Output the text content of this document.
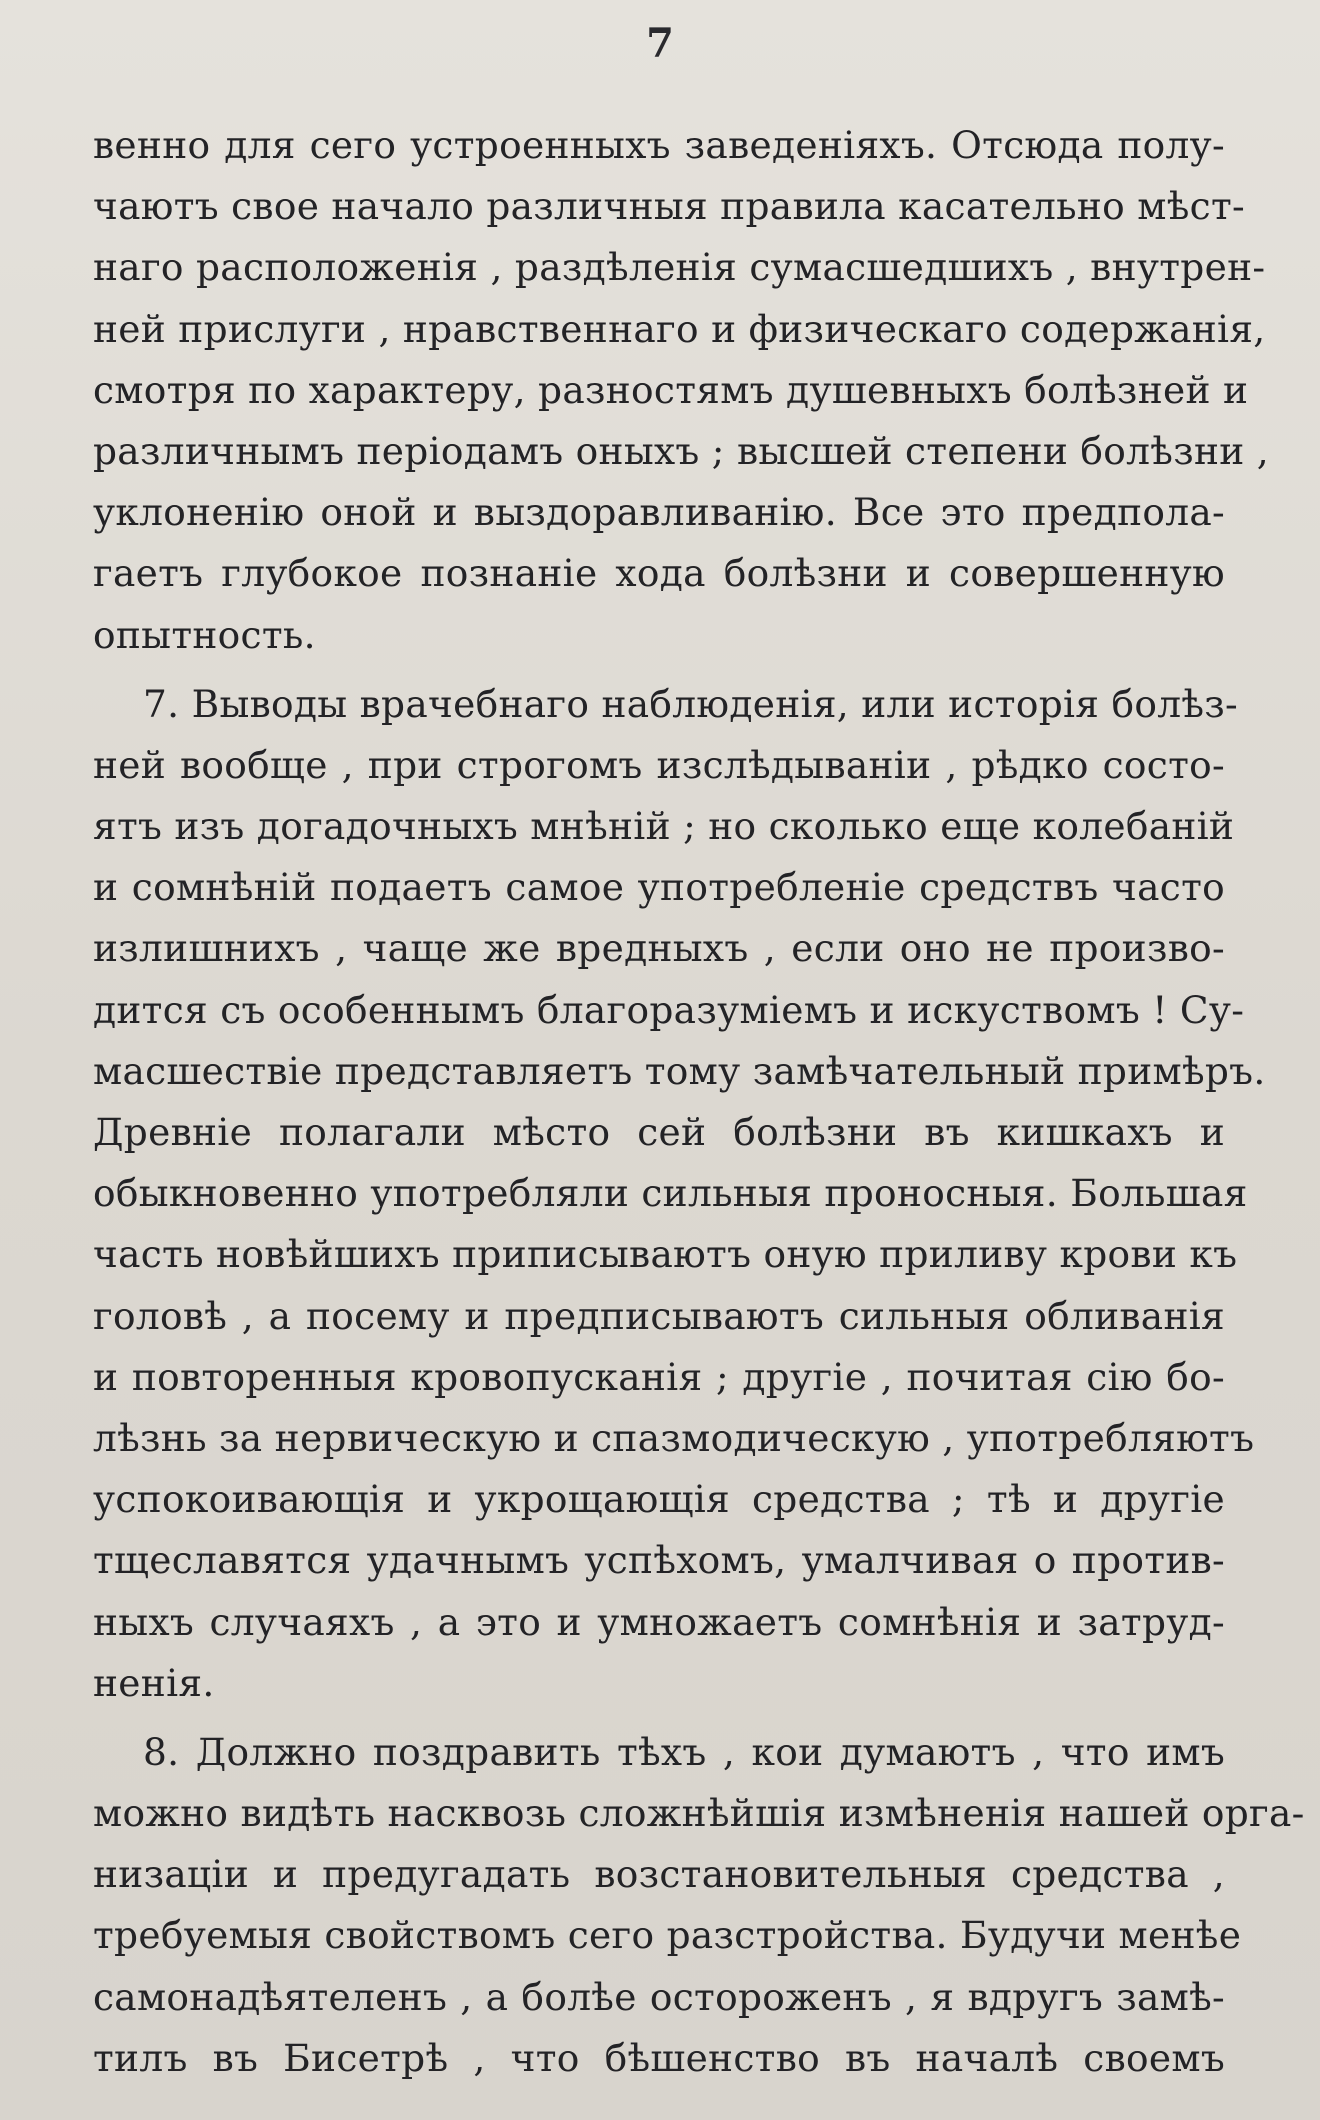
7
венно для сего устроенныхъ заведеніяхъ. Отсюда полу-
чаютъ свое начало различныя правила касательно мѣст-
наго расположенія , раздѣленія сумасшедшихъ , внутрен-
ней прислуги , нравственнаго и физическаго содержанія,
смотря по характеру, разностямъ душевныхъ болѣзней и
различнымъ періодамъ оныхъ ; высшей степени болѣзни ,
уклоненію оной и выздоравливанію. Все это предпола-
гаетъ глубокое познаніе хода болѣзни и совершенную
опытность.
7. Выводы врачебнаго наблюденія, или исторія болѣз-
ней вообще , при строгомъ изслѣдываніи , рѣдко состо-
ятъ изъ догадочныхъ мнѣній ; но сколько еще колебаній
и сомнѣній подаетъ самое употребленіе средствъ часто
излишнихъ , чаще же вредныхъ , если оно не произво-
дится съ особеннымъ благоразуміемъ и искуствомъ ! Су-
масшествіе представляетъ тому замѣчательный примѣръ.
Древніе полагали мѣсто сей болѣзни въ кишкахъ и
обыкновенно употребляли сильныя проносныя. Большая
часть новѣйшихъ приписываютъ оную приливу крови къ
головѣ , а посему и предписываютъ сильныя обливанія
и повторенныя кровопусканія ; другіе , почитая сію бо-
лѣзнь за нервическую и спазмодическую , употребляютъ
успокоивающія и укрощающія средства ; тѣ и другіе
тщеславятся удачнымъ успѣхомъ, умалчивая о против-
ныхъ случаяхъ , а это и умножаетъ сомнѣнія и затруд-
ненія.
8. Должно поздравить тѣхъ , кои думаютъ , что имъ
можно видѣть насквозь сложнѣйшія измѣненія нашей орга-
низаціи и предугадать возстановительныя средства ,
требуемыя свойствомъ сего разстройства. Будучи менѣе
самонадѣятеленъ , а болѣе остороженъ , я вдругъ замѣ-
тилъ въ Бисетрѣ , что бѣшенство въ началѣ своемъ
